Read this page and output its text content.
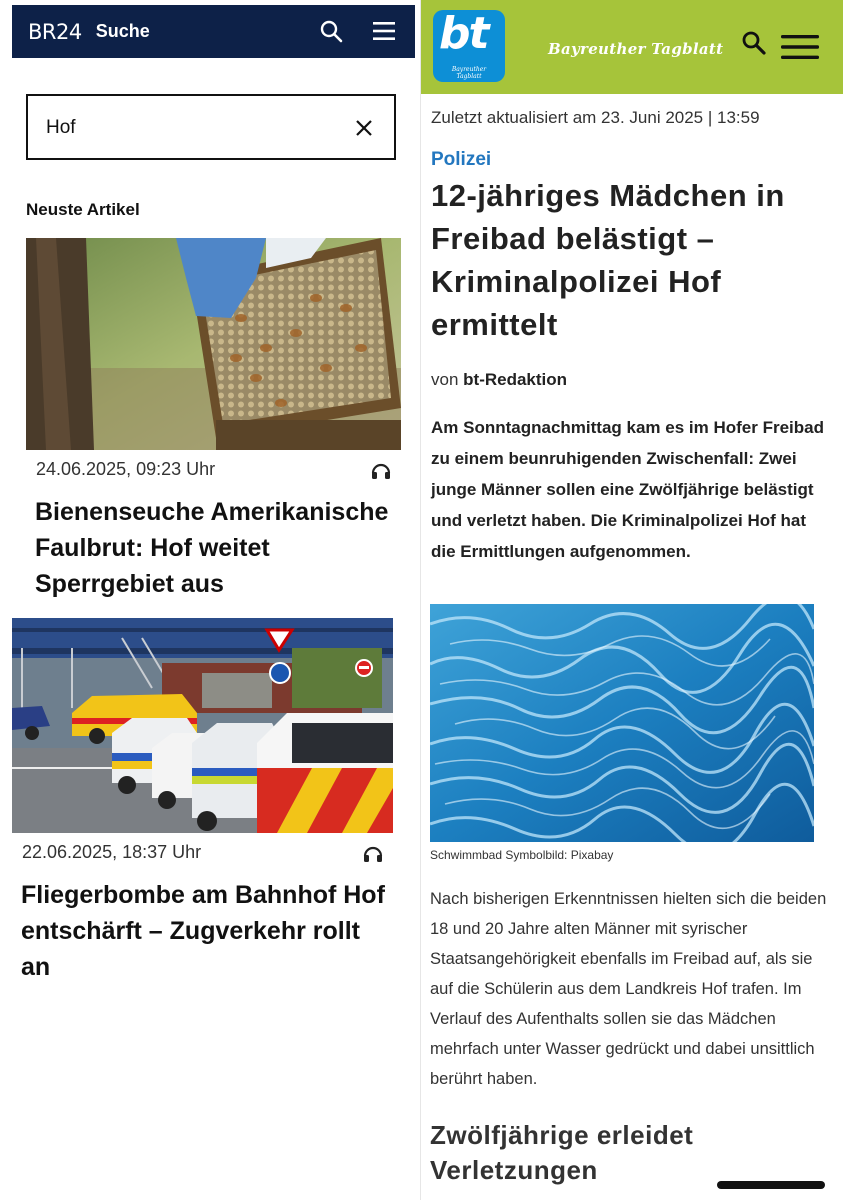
BR24 Suche
Hof
Neuste Artikel
24.06.2025, 09:23 Uhr
Bienenseuche Amerikanische Faulbrut: Hof weitet Sperrgebiet aus
22.06.2025, 18:37 Uhr
Fliegerbombe am Bahnhof Hof entschärft – Zugverkehr rollt an
bt
Bayreuther Tagblatt
Bayreuther Tagblatt
Zuletzt aktualisiert am 23. Juni 2025 | 13:59
Polizei
12-jähriges Mädchen in Freibad belästigt – Kriminalpolizei Hof ermittelt
von bt-Redaktion
Am Sonntagnachmittag kam es im Hofer Freibad zu einem beunruhigenden Zwischenfall: Zwei junge Männer sollen eine Zwölfjährige belästigt und verletzt haben. Die Kriminalpolizei Hof hat die Ermittlungen aufgenommen.
Schwimmbad Symbolbild: Pixabay
Nach bisherigen Erkenntnissen hielten sich die beiden 18 und 20 Jahre alten Männer mit syrischer Staatsangehörigkeit ebenfalls im Freibad auf, als sie auf die Schülerin aus dem Landkreis Hof trafen. Im Verlauf des Aufenthalts sollen sie das Mädchen mehrfach unter Wasser gedrückt und dabei unsittlich berührt haben.
Zwölfjährige erleidet Verletzungen
